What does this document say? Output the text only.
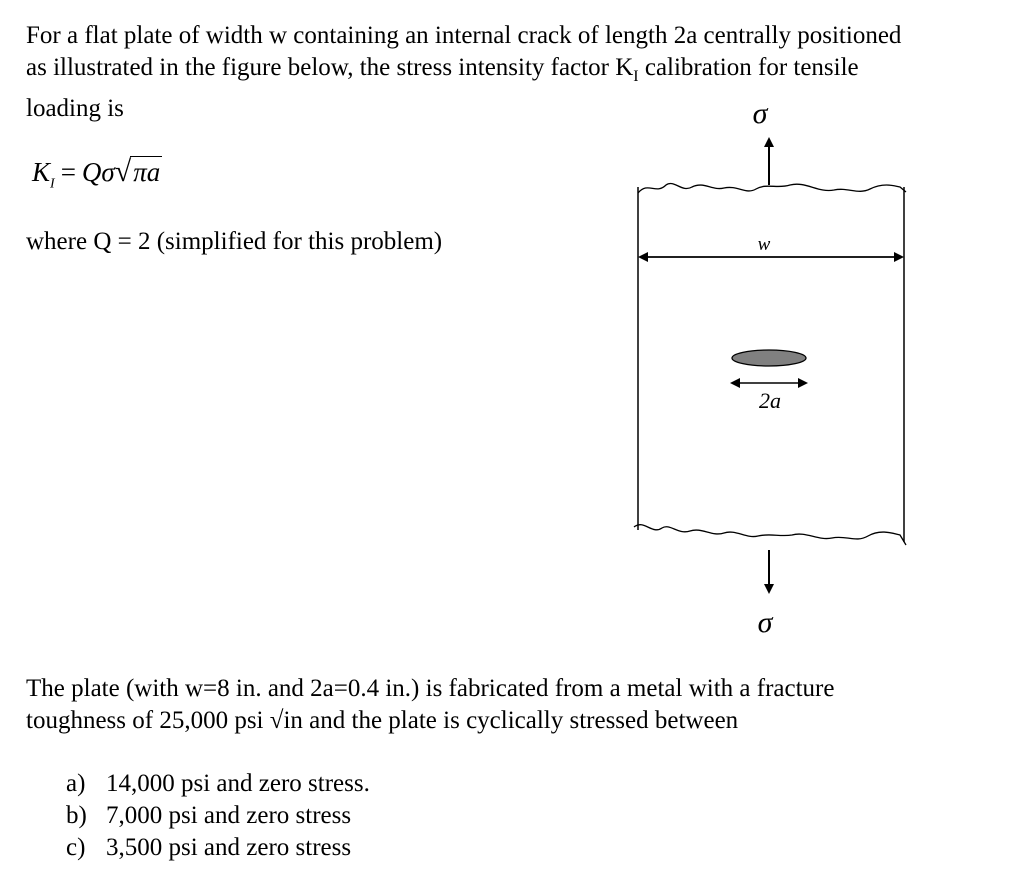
For a flat plate of width w containing an internal crack of length 2a centrally positioned
as illustrated in the figure below, the stress intensity factor $K_I$ calibration for tensile
loading is
$K_I = Q\sigma√\pi a$

where Q = 2 (simplified for this problem)

σ
w
2a
σ
The plate (with w=8 in. and 2a=0.4 in.) is fabricated from a metal with a fracture
toughness of 25,000 psi √in and the plate is cyclically stressed between
a) 14,000 psi and zero stress.
b) 7,000 psi and zero stress
c) 3,500 psi and zero stress
